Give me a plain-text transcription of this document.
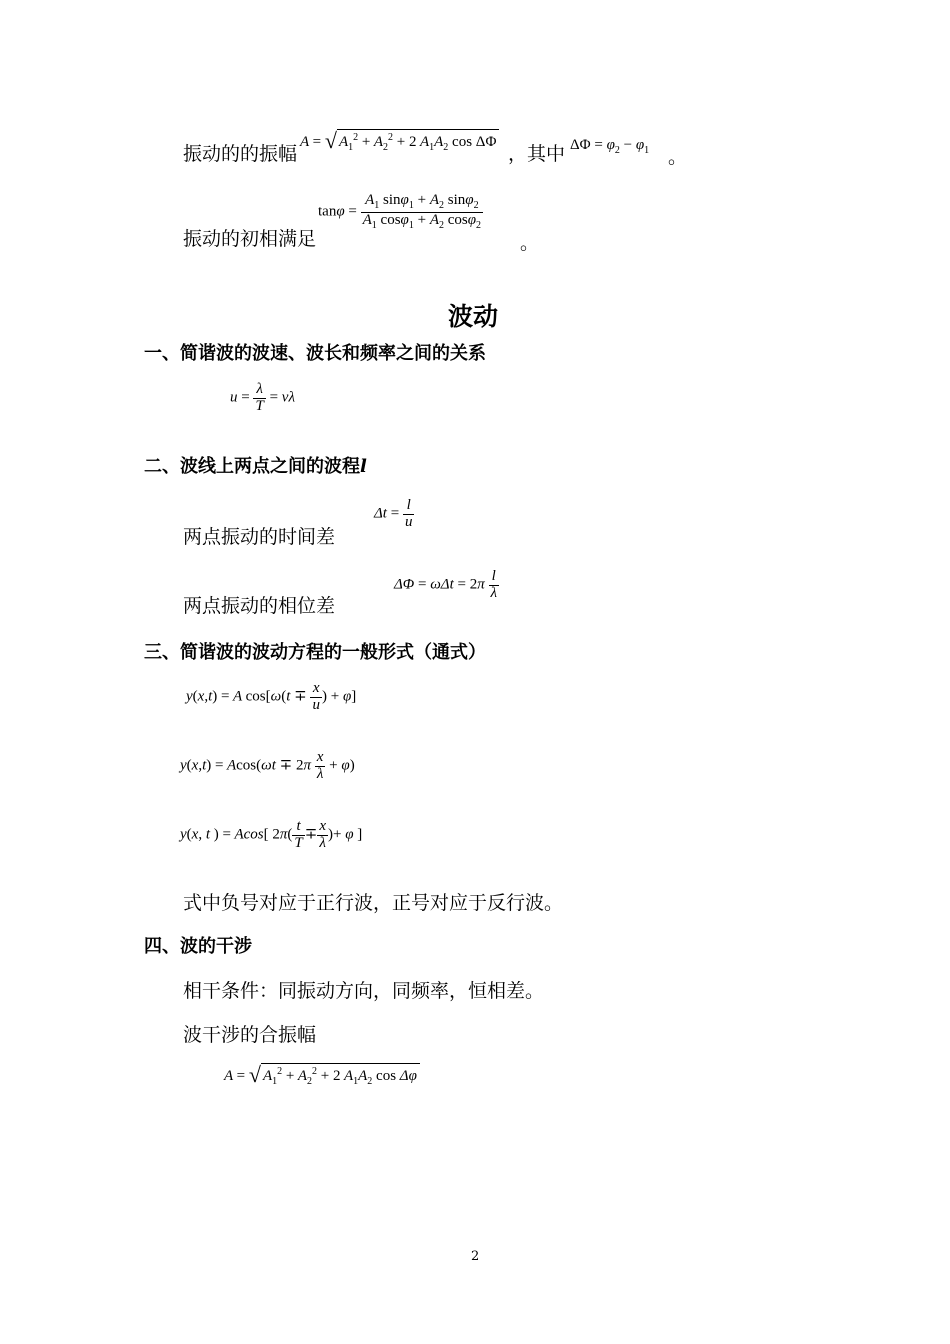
振动的的振幅
A = √ $A_1^2 + A_2^2 + 2$ $A_1A_2$ cos ΔΦ
，其中 $\Delta\Phi = \varphi_2 - \varphi_1$ 。
振动的初相满足
$\tan\varphi = \frac{A_1 \sin\varphi_1 + A_2 \sin\varphi_2}{A_1 \cos\varphi_1 + A_2 \cos\varphi_2}$
。
波动
一、简谐波的波速、波长和频率之间的关系
$u = \frac{\lambda}{T} = \nu\lambda$
二、波线上两点之间的波程l
两点振动的时间差
$\Delta t = \frac{l}{u}$
两点振动的相位差
$\Delta\Phi = \omega\Delta t = 2\pi \frac{l}{\lambda}$
三、简谐波的波动方程的一般形式（通式）
y(x,t) = A $\cos[\omega(t \mp \frac{x}{u}$ ) + φ]
$y(x,t) = Acos(\omega t \mp 2\pi \frac{x}{\lambda} + \varphi)$
y(x, t ) = Acos[ $2\pi( \frac{t}{T} \mp \frac{x}{\lambda}$ )+ φ ]
式中负号对应于正行波，正号对应于反行波。
四、波的干涉
相干条件：同振动方向，同频率，恒相差。
波干涉的合振幅
A = √ $A_1^2 + A_2^2 + 2$ $A_1A_2$ cos Δφ
2
